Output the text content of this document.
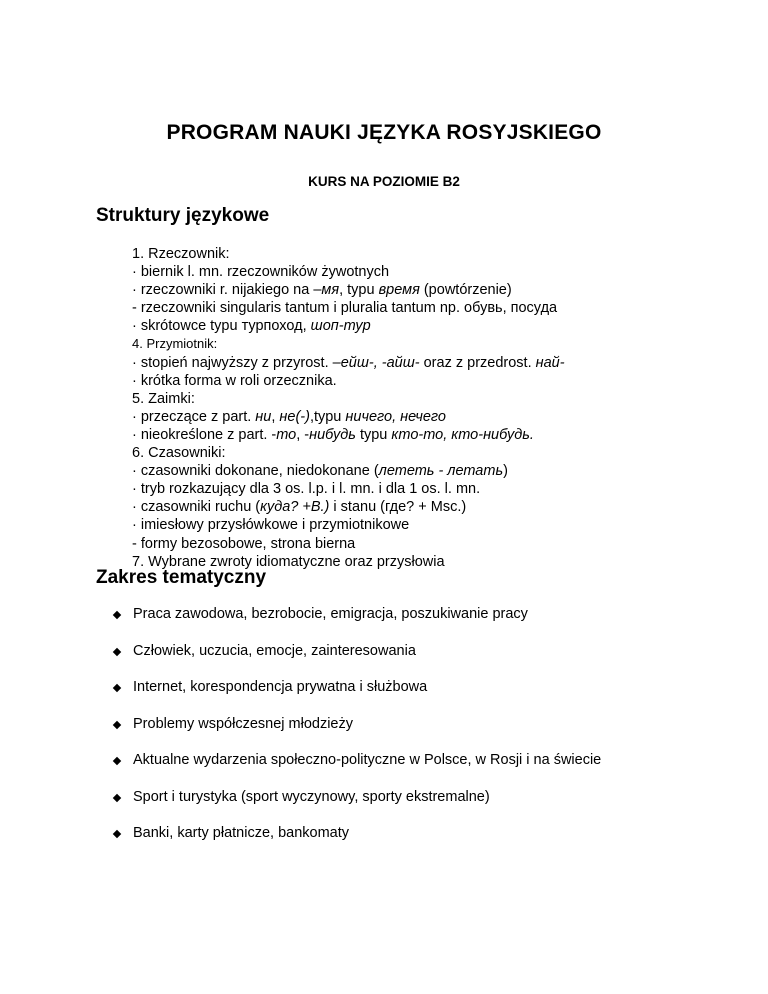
PROGRAM NAUKI JĘZYKA ROSYJSKIEGO
KURS NA POZIOMIE B2
Struktury językowe
1. Rzeczownik:
· biernik l. mn. rzeczowników żywotnych
· rzeczowniki r. nijakiego na –мя, typu время (powtórzenie)
- rzeczowniki singularis tantum i pluralia tantum np. обувь, посуда
· skrótowce typu турпоход, шоп-тур
4. Przymiotnik:
· stopień najwyższy z przyrost. –ейш-, -айш- oraz z przedrost. най-
· krótka forma w roli orzecznika.
5. Zaimki:
· przeczące z part. ни, не(-),typu ничего, нечего
· nieokreślone z part. -то, -нибудь typu кто-то, кто-нибудь.
6. Czasowniki:
· czasowniki dokonane, niedokonane (лететь - летать)
· tryb rozkazujący dla 3 os. l.p. i l. mn. i dla 1 os. l. mn.
· czasowniki ruchu (куда? +В.) i stanu (где? + Msc.)
· imiesłowy przysłówkowe i przymiotnikowe
- formy bezosobowe, strona bierna
7. Wybrane zwroty idiomatyczne oraz przysłowia
Zakres tematyczny
Praca zawodowa, bezrobocie, emigracja, poszukiwanie pracy
Człowiek, uczucia, emocje, zainteresowania
Internet, korespondencja prywatna i służbowa
Problemy współczesnej młodzieży
Aktualne wydarzenia społeczno-polityczne w Polsce, w Rosji i na świecie
Sport i turystyka (sport wyczynowy, sporty ekstremalne)
Banki, karty płatnicze, bankomaty
